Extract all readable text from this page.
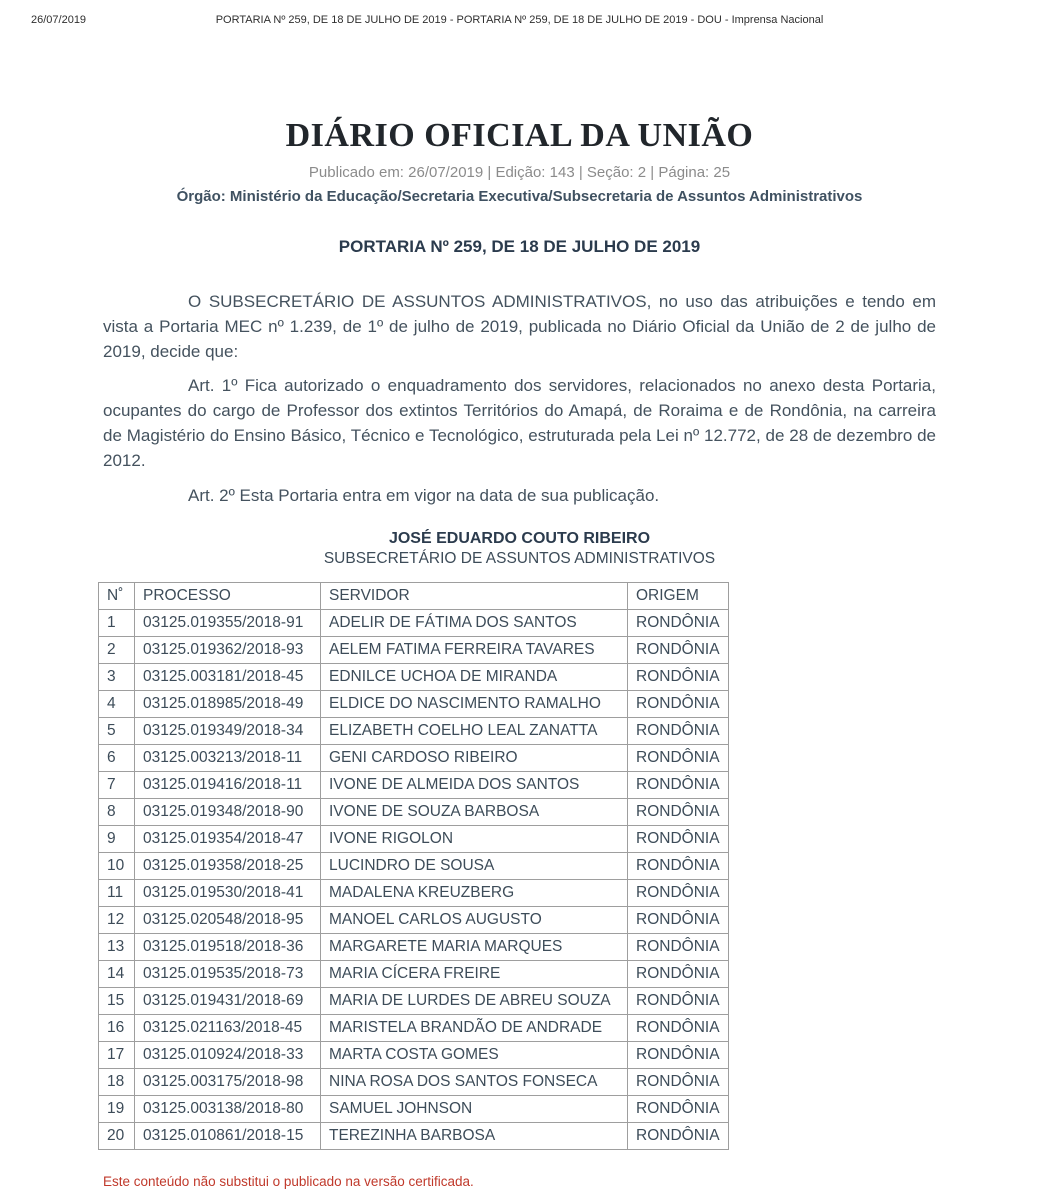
26/07/2019	PORTARIA Nº 259, DE 18 DE JULHO DE 2019 - PORTARIA Nº 259, DE 18 DE JULHO DE 2019 - DOU - Imprensa Nacional
DIÁRIO OFICIAL DA UNIÃO
Publicado em: 26/07/2019 | Edição: 143 | Seção: 2 | Página: 25
Órgão: Ministério da Educação/Secretaria Executiva/Subsecretaria de Assuntos Administrativos
PORTARIA Nº 259, DE 18 DE JULHO DE 2019

O SUBSECRETÁRIO DE ASSUNTOS ADMINISTRATIVOS, no uso das atribuições e tendo em vista a Portaria MEC nº 1.239, de 1º de julho de 2019, publicada no Diário Oficial da União de 2 de julho de 2019, decide que:

Art. 1º Fica autorizado o enquadramento dos servidores, relacionados no anexo desta Portaria, ocupantes do cargo de Professor dos extintos Territórios do Amapá, de Roraima e de Rondônia, na carreira de Magistério do Ensino Básico, Técnico e Tecnológico, estruturada pela Lei nº 12.772, de 28 de dezembro de 2012.

Art. 2º Esta Portaria entra em vigor na data de sua publicação.

JOSÉ EDUARDO COUTO RIBEIRO
SUBSECRETÁRIO DE ASSUNTOS ADMINISTRATIVOS
N˚	PROCESSO	SERVIDOR	ORIGEM
1	03125.019355/2018-91	ADELIR DE FÁTIMA DOS SANTOS	RONDÔNIA
2	03125.019362/2018-93	AELEM FATIMA FERREIRA TAVARES	RONDÔNIA
3	03125.003181/2018-45	EDNILCE UCHOA DE MIRANDA	RONDÔNIA
4	03125.018985/2018-49	ELDICE DO NASCIMENTO RAMALHO	RONDÔNIA
5	03125.019349/2018-34	ELIZABETH COELHO LEAL ZANATTA	RONDÔNIA
6	03125.003213/2018-11	GENI CARDOSO RIBEIRO	RONDÔNIA
7	03125.019416/2018-11	IVONE DE ALMEIDA DOS SANTOS	RONDÔNIA
8	03125.019348/2018-90	IVONE DE SOUZA BARBOSA	RONDÔNIA
9	03125.019354/2018-47	IVONE RIGOLON	RONDÔNIA
10	03125.019358/2018-25	LUCINDRO DE SOUSA	RONDÔNIA
11	03125.019530/2018-41	MADALENA KREUZBERG	RONDÔNIA
12	03125.020548/2018-95	MANOEL CARLOS AUGUSTO	RONDÔNIA
13	03125.019518/2018-36	MARGARETE MARIA MARQUES	RONDÔNIA
14	03125.019535/2018-73	MARIA CÍCERA FREIRE	RONDÔNIA
15	03125.019431/2018-69	MARIA DE LURDES DE ABREU SOUZA	RONDÔNIA
16	03125.021163/2018-45	MARISTELA BRANDÃO DE ANDRADE	RONDÔNIA
17	03125.010924/2018-33	MARTA COSTA GOMES	RONDÔNIA
18	03125.003175/2018-98	NINA ROSA DOS SANTOS FONSECA	RONDÔNIA
19	03125.003138/2018-80	SAMUEL JOHNSON	RONDÔNIA
20	03125.010861/2018-15	TEREZINHA BARBOSA	RONDÔNIA
Este conteúdo não substitui o publicado na versão certificada.
